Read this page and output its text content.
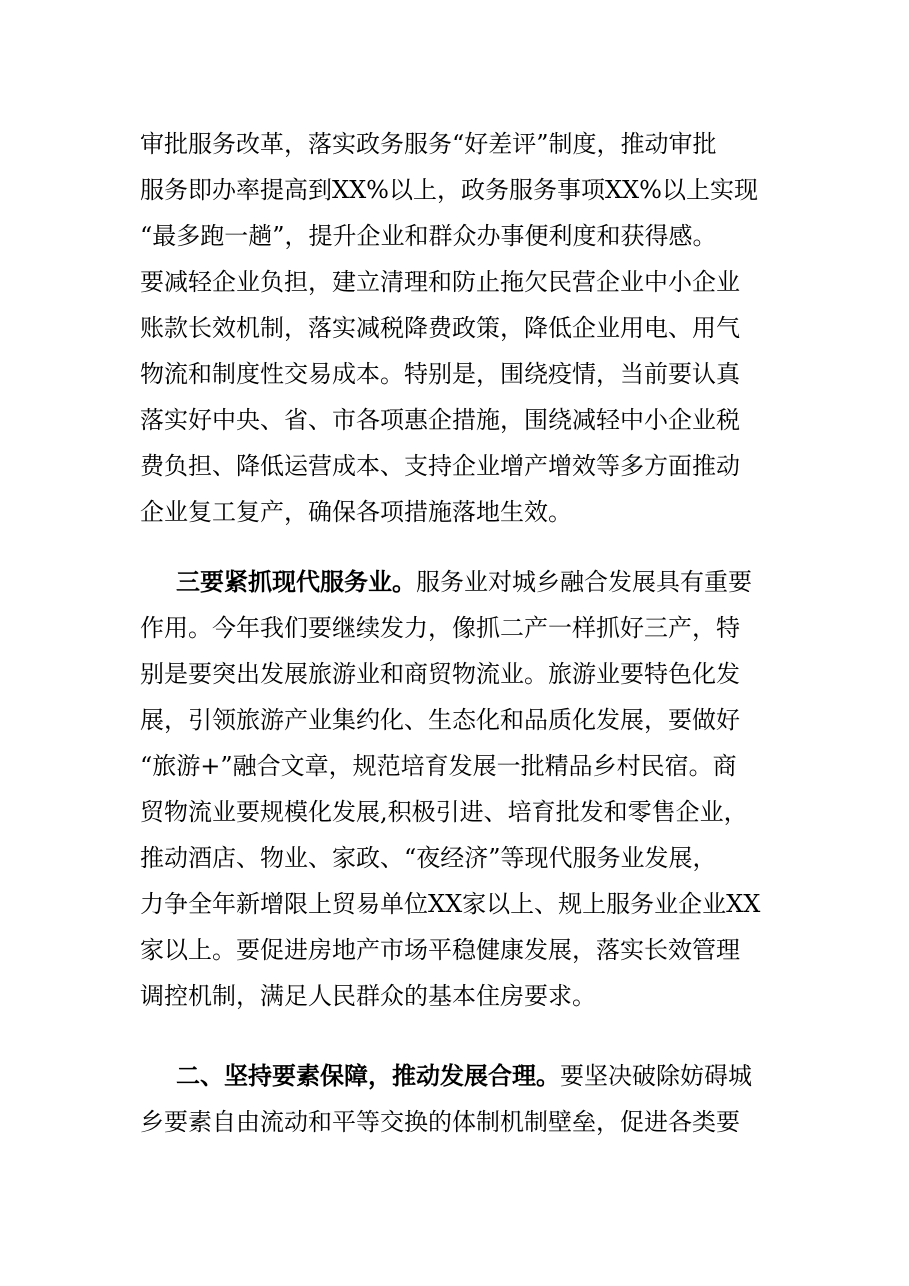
审批服务改革，落实政务服务“好差评”制度，推动审批
服务即办率提高到XX%以上，政务服务事项XX%以上实现
“最多跑一趟”，提升企业和群众办事便利度和获得感。
要减轻企业负担，建立清理和防止拖欠民营企业中小企业
账款长效机制，落实减税降费政策，降低企业用电、用气
物流和制度性交易成本。特别是，围绕疫情，当前要认真
落实好中央、省、市各项惠企措施，围绕减轻中小企业税
费负担、降低运营成本、支持企业增产增效等多方面推动
企业复工复产，确保各项措施落地生效。
三要紧抓现代服务业。服务业对城乡融合发展具有重要
作用。今年我们要继续发力，像抓二产一样抓好三产，特
别是要突出发展旅游业和商贸物流业。旅游业要特色化发
展，引领旅游产业集约化、生态化和品质化发展，要做好
“旅游+”融合文章，规范培育发展一批精品乡村民宿。商
贸物流业要规模化发展,积极引进、培育批发和零售企业，
推动酒店、物业、家政、“夜经济”等现代服务业发展，
力争全年新增限上贸易单位XX家以上、规上服务业企业XX
家以上。要促进房地产市场平稳健康发展，落实长效管理
调控机制，满足人民群众的基本住房要求。
二、坚持要素保障，推动发展合理。要坚决破除妨碍城
乡要素自由流动和平等交换的体制机制壁垒，促进各类要
